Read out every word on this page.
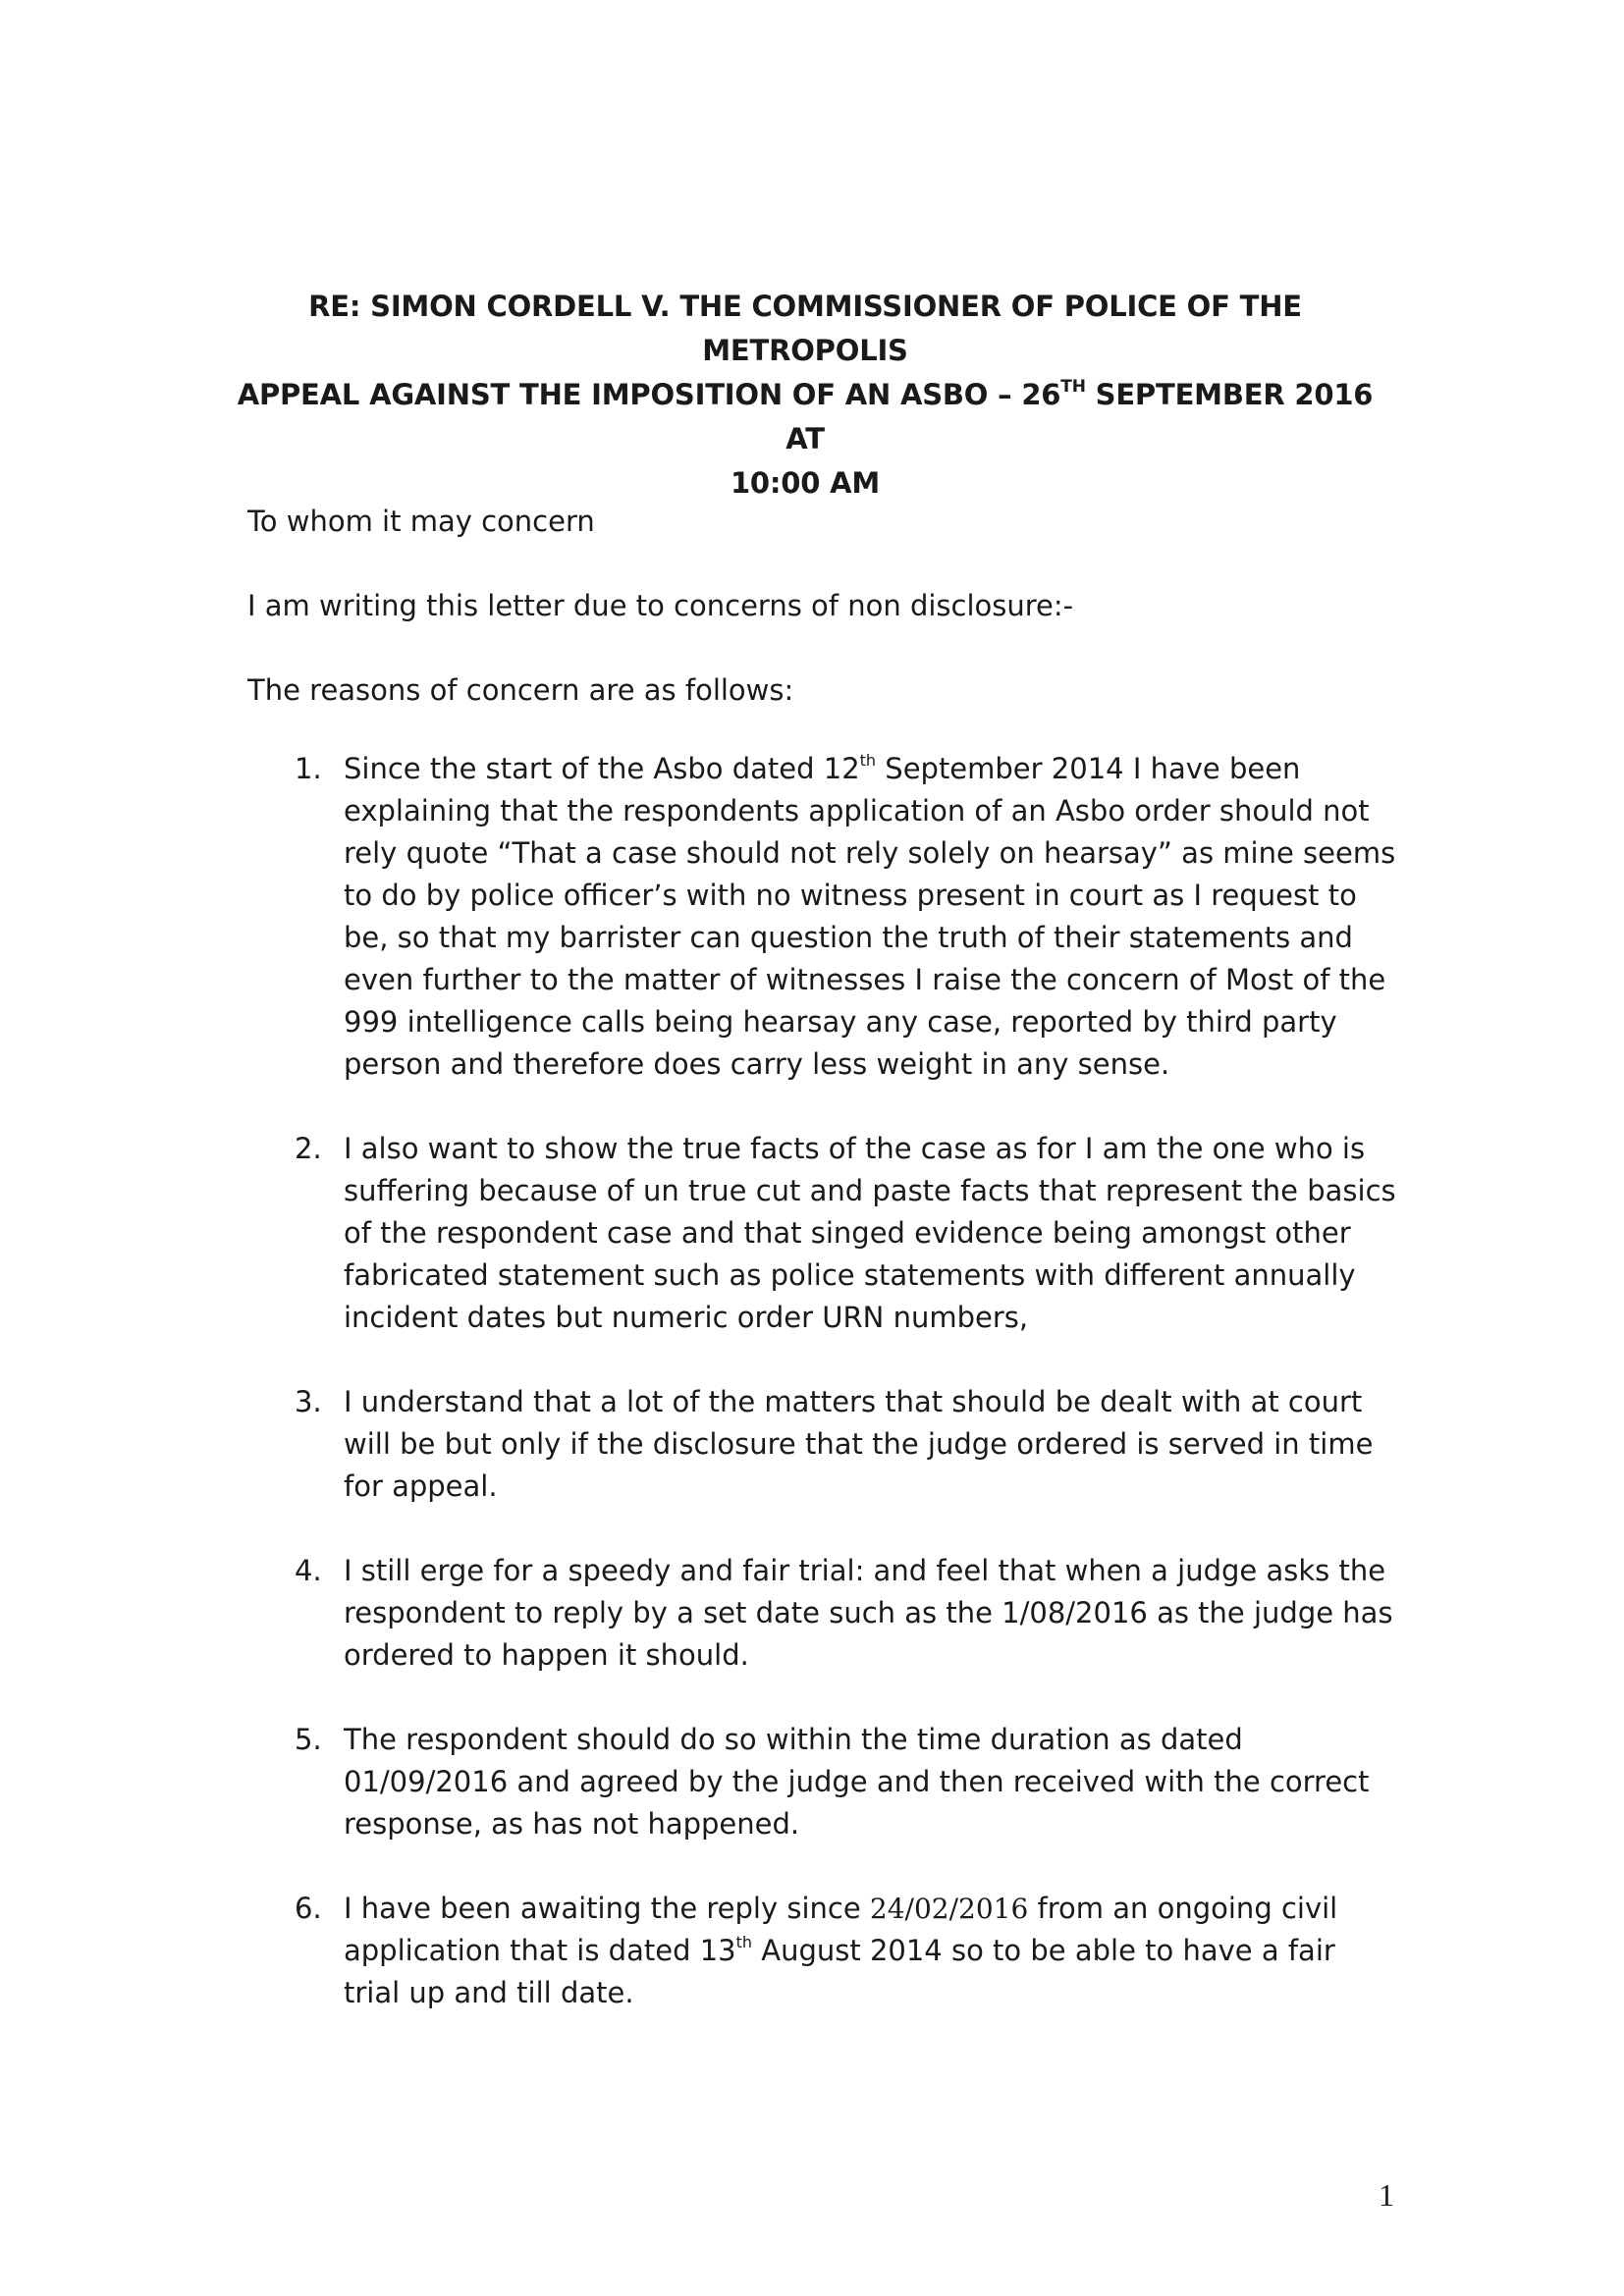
RE: SIMON CORDELL V. THE COMMISSIONER OF POLICE OF THE
METROPOLIS
APPEAL AGAINST THE IMPOSITION OF AN ASBO – 26TH SEPTEMBER 2016 AT
10:00 AM

To whom it may concern

I am writing this letter due to concerns of non disclosure:-

The reasons of concern are as follows:

1. Since the start of the Asbo dated 12th September 2014 I have been explaining that the respondents application of an Asbo order should not rely quote “That a case should not rely solely on hearsay” as mine seems to do by police officer’s with no witness present in court as I request to be, so that my barrister can question the truth of their statements and even further to the matter of witnesses I raise the concern of Most of the 999 intelligence calls being hearsay any case, reported by third party person and therefore does carry less weight in any sense.
2. I also want to show the true facts of the case as for I am the one who is suffering because of un true cut and paste facts that represent the basics of the respondent case and that singed evidence being amongst other fabricated statement such as police statements with different annually incident dates but numeric order URN numbers,
3. I understand that a lot of the matters that should be dealt with at court will be but only if the disclosure that the judge ordered is served in time for appeal.
4. I still erge for a speedy and fair trial: and feel that when a judge asks the respondent to reply by a set date such as the 1/08/2016 as the judge has ordered to happen it should.
5. The respondent should do so within the time duration as dated 01/09/2016 and agreed by the judge and then received with the correct response, as has not happened.
6. I have been awaiting the reply since 24/02/2016 from an ongoing civil application that is dated 13th August 2014 so to be able to have a fair trial up and till date.
1
